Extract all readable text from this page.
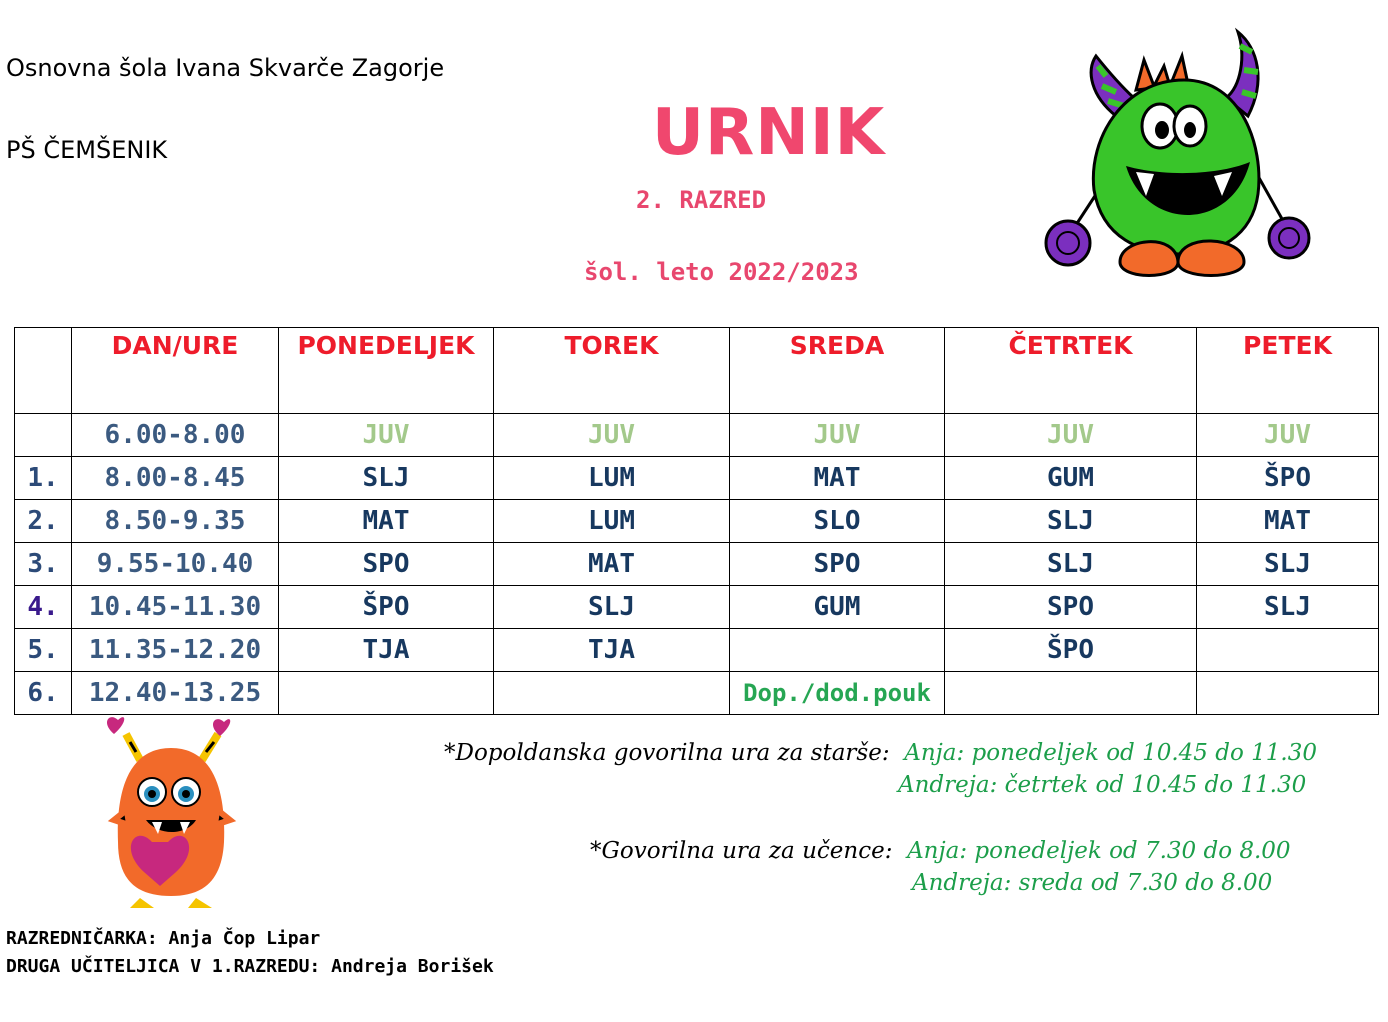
Osnovna šola Ivana Skvarče Zagorje
PŠ ČEMŠENIK	URNIK
2. RAZRED
šol. leto 2022/2023
	DAN/URE	PONEDELJEK	TOREK	SREDA	ČETRTEK	PETEK
	6.00-8.00	JUV	JUV	JUV	JUV	JUV
1.	8.00-8.45	SLJ	LUM	MAT	GUM	ŠPO
2.	8.50-9.35	MAT	LUM	SLO	SLJ	MAT
3.	9.55-10.40	SPO	MAT	SPO	SLJ	SLJ
4.	10.45-11.30	ŠPO	SLJ	GUM	SPO	SLJ
5.	11.35-12.20	TJA	TJA		ŠPO	
6.	12.40-13.25			Dop./dod.pouk		
*Dopoldanska govorilna ura za starše: Anja: ponedeljek od 10.45 do 11.30
Andreja: četrtek od 10.45 do 11.30
*Govorilna ura za učence: Anja: ponedeljek od 7.30 do 8.00
Andreja: sreda od 7.30 do 8.00
RAZREDNIČARKA: Anja Čop Lipar
DRUGA UČITELJICA V 1.RAZREDU: Andreja Borišek
